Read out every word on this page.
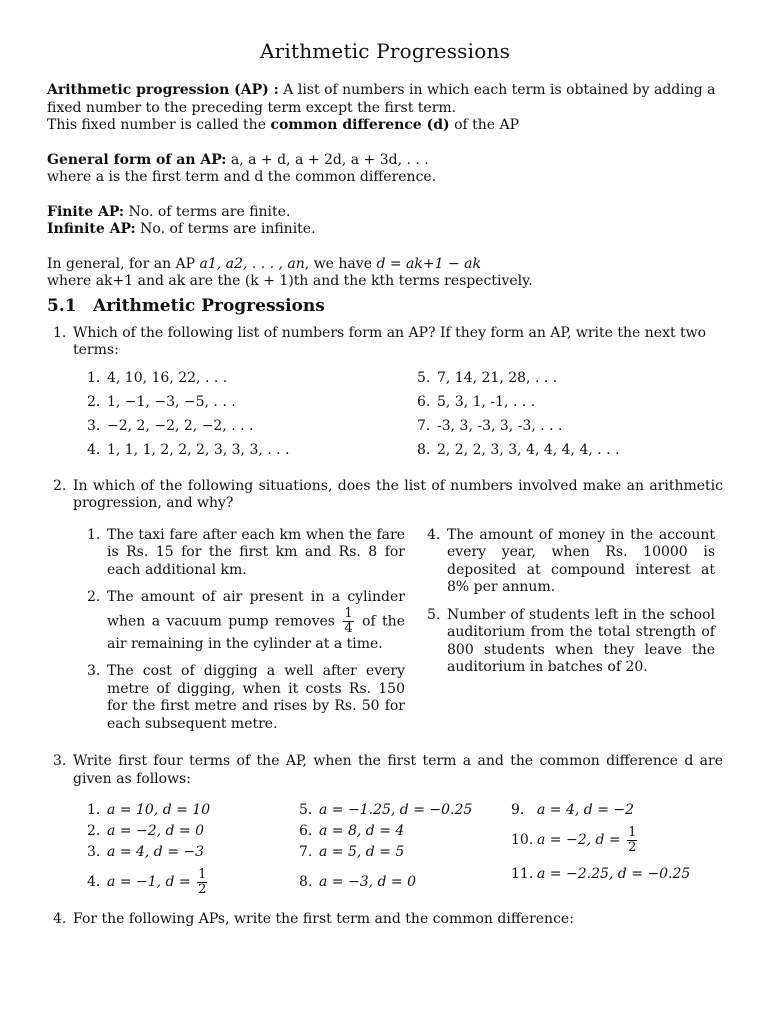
Arithmetic Progressions

Arithmetic progression (AP) : A list of numbers in which each term is obtained by adding a fixed number to the preceding term except the first term.

This fixed number is called the common difference (d) of the AP

General form of an AP: a, a + d, a + 2d, a + 3d, . . .

where a is the first term and d the common difference.

Finite AP: No. of terms are finite.

Infinite AP: No. of terms are infinite.

In general, for an AP a1, a2, . . . , an, we have d = ak+1 − ak

where ak+1 and ak are the (k + 1)th and the kth terms respectively.

5.1 Arithmetic Progressions
1. Which of the following list of numbers form an AP? If they form an AP, write the next two terms:

1. 4, 10, 16, 22, . . .
2. 1, −1, −3, −5, . . .
3. −2, 2, −2, 2, −2, . . .
4. 1, 1, 1, 2, 2, 2, 3, 3, 3, . . .
5. 7, 14, 21, 28, . . .
6. 5, 3, 1, -1, . . .
7. -3, 3, -3, 3, -3, . . .
8. 2, 2, 2, 3, 3, 4, 4, 4, 4, . . .
2. In which of the following situations, does the list of numbers involved make an arithmetic progression, and why?

1. The taxi fare after each km when the fare is Rs. 15 for the first km and Rs. 8 for each additional km.
2. The amount of air present in a cylinder when a vacuum pump removes $\frac{1}{4}$ of the air remaining in the cylinder at a time.
3. The cost of digging a well after every metre of digging, when it costs Rs. 150 for the first metre and rises by Rs. 50 for each subsequent metre.
4. The amount of money in the account every year, when Rs. 10000 is deposited at compound interest at 8% per annum.
5. Number of students left in the school auditorium from the total strength of 800 students when they leave the auditorium in batches of 20.
3. Write first four terms of the AP, when the first term a and the common difference d are given as follows:

1. a = 10, d = 10
2. a = −2, d = 0
3. a = 4, d = −3
4. a = −1, $d = \frac{1}{2}$
5. a = −1.25, d = −0.25
6. a = 8, d = 4
7. a = 5, d = 5
8. a = −3, d = 0
9. a = 4, d = −2
10. a = −2, $d = \frac{1}{2}$
11. a = −2.25, d = −0.25
4. For the following APs, write the first term and the common difference:
